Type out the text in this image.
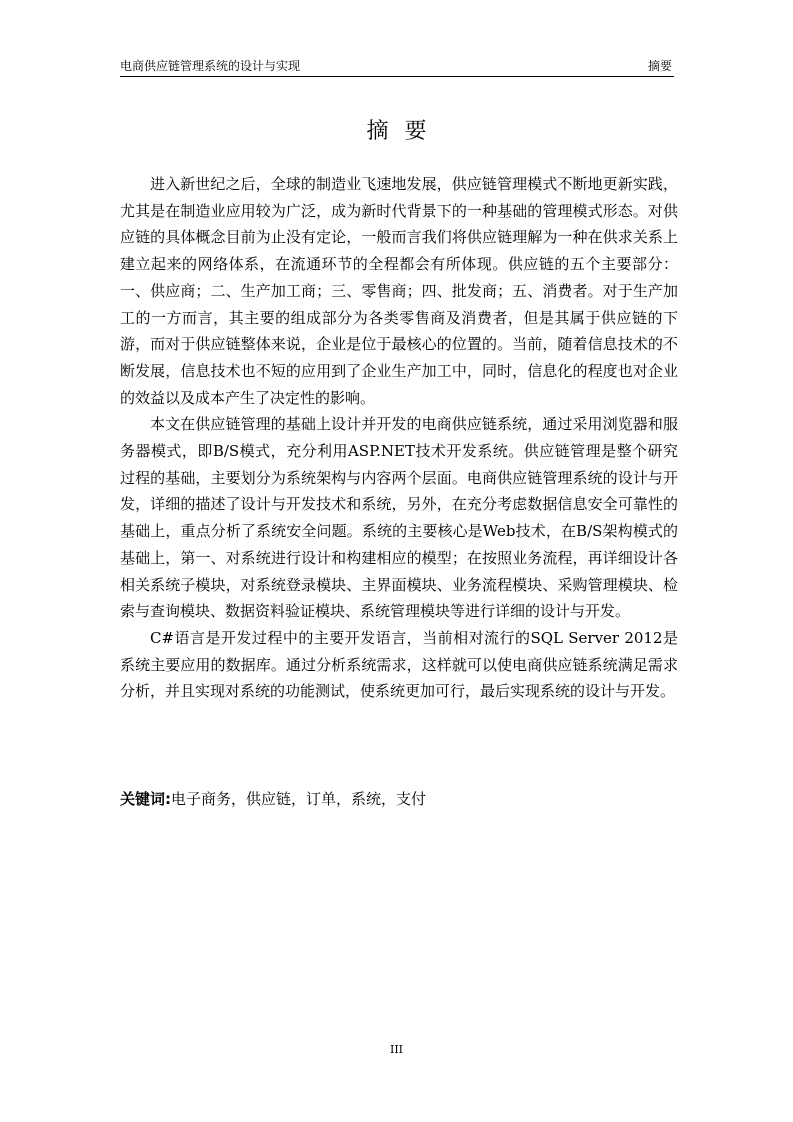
电商供应链管理系统的设计与实现	摘要
摘要

进入新世纪之后，全球的制造业飞速地发展，供应链管理模式不断地更新实践，尤其是在制造业应用较为广泛，成为新时代背景下的一种基础的管理模式形态。对供应链的具体概念目前为止没有定论，一般而言我们将供应链理解为一种在供求关系上建立起来的网络体系，在流通环节的全程都会有所体现。供应链的五个主要部分：一、供应商；二、生产加工商；三、零售商；四、批发商；五、消费者。对于生产加工的一方而言，其主要的组成部分为各类零售商及消费者，但是其属于供应链的下游，而对于供应链整体来说，企业是位于最核心的位置的。当前，随着信息技术的不断发展，信息技术也不短的应用到了企业生产加工中，同时，信息化的程度也对企业的效益以及成本产生了决定性的影响。

本文在供应链管理的基础上设计并开发的电商供应链系统，通过采用浏览器和服务器模式，即B/S模式，充分利用ASP.NET技术开发系统。供应链管理是整个研究过程的基础，主要划分为系统架构与内容两个层面。电商供应链管理系统的设计与开发，详细的描述了设计与开发技术和系统，另外，在充分考虑数据信息安全可靠性的基础上，重点分析了系统安全问题。系统的主要核心是Web技术，在B/S架构模式的基础上，第一、对系统进行设计和构建相应的模型；在按照业务流程，再详细设计各相关系统子模块，对系统登录模块、主界面模块、业务流程模块、采购管理模块、检索与查询模块、数据资料验证模块、系统管理模块等进行详细的设计与开发。

C#语言是开发过程中的主要开发语言，当前相对流行的SQL Server 2012是系统主要应用的数据库。通过分析系统需求，这样就可以使电商供应链系统满足需求分析，并且实现对系统的功能测试，使系统更加可行，最后实现系统的设计与开发。

关键词:电子商务，供应链，订单，系统，支付
III
